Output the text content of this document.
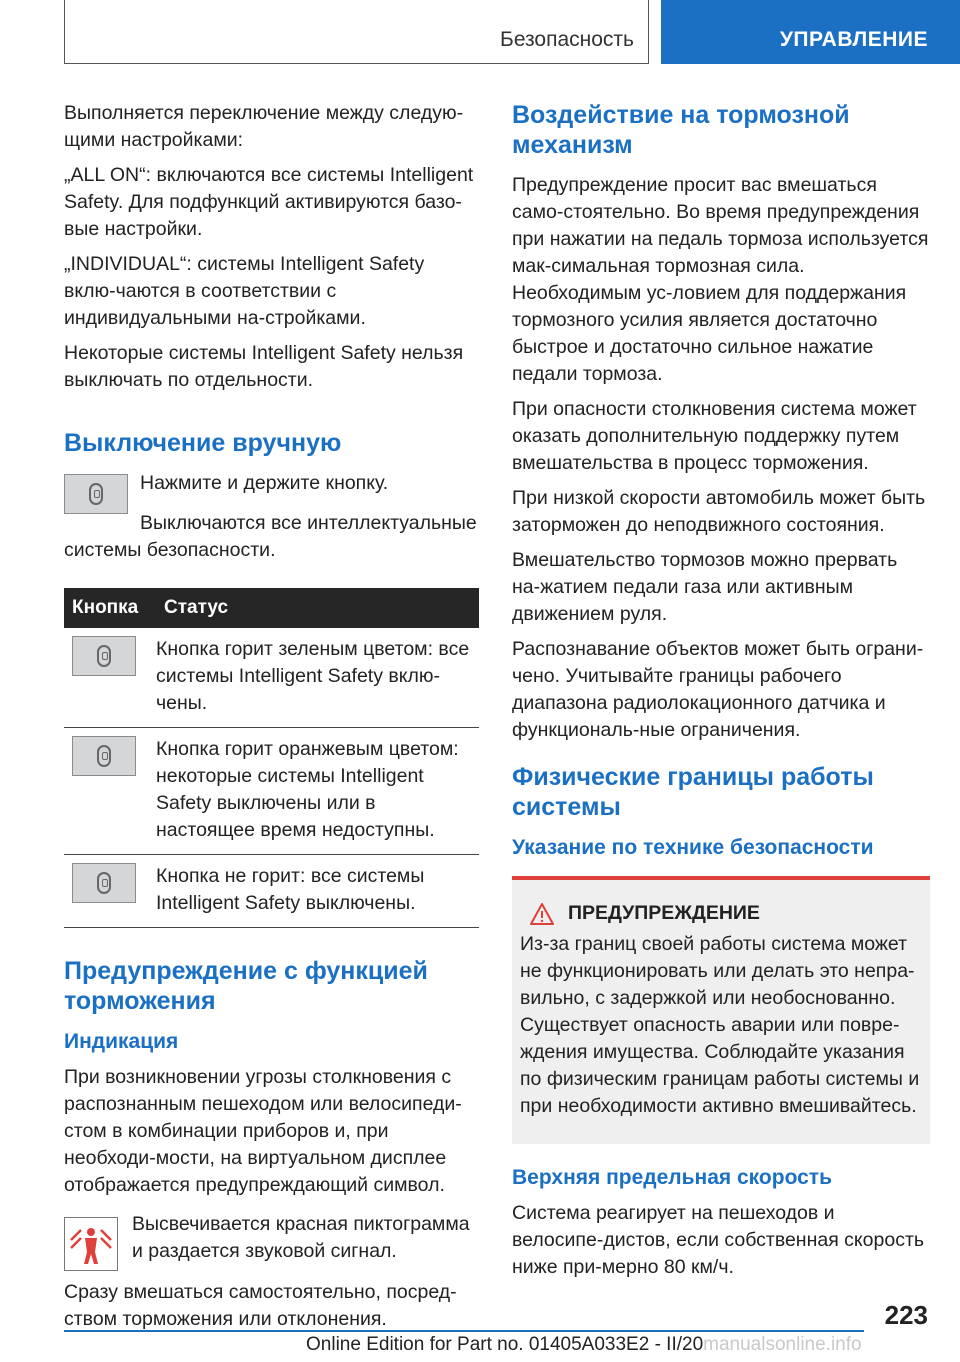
Безопасность	УПРАВЛЕНИЕ

Выполняется переключение между следую-щими настройками:

„ALL ON“: включаются все системы Intelligent Safety. Для подфункций активируются базо-вые настройки.

„INDIVIDUAL“: системы Intelligent Safety вклю-чаются в соответствии с индивидуальными на-стройками.

Некоторые системы Intelligent Safety нельзя выключать по отдельности.

Выключение вручную

Нажмите и держите кнопку.

Выключаются все интеллектуальные системы безопасности.

Кнопка	Статус

	Кнопка горит зеленым цветом: все системы Intelligent Safety вклю-чены.

	Кнопка горит оранжевым цветом: некоторые системы Intelligent Safety выключены или в настоящее время недоступны.

	Кнопка не горит: все системы Intelligent Safety выключены.
Предупреждение с функцией торможения
Индикация

При возникновении угрозы столкновения с распознанным пешеходом или велосипеди-стом в комбинации приборов и, при необходи-мости, на виртуальном дисплее отображается предупреждающий символ.

Высвечивается красная пиктограмма и раздается звуковой сигнал.

Сразу вмешаться самостоятельно, посред-ством торможения или отклонения.

Воздействие на тормозной механизм

Предупреждение просит вас вмешаться само-стоятельно. Во время предупреждения при нажатии на педаль тормоза используется мак-симальная тормозная сила. Необходимым ус-ловием для поддержания тормозного усилия является достаточно быстрое и достаточно сильное нажатие педали тормоза.

При опасности столкновения система может оказать дополнительную поддержку путем вмешательства в процесс торможения.

При низкой скорости автомобиль может быть заторможен до неподвижного состояния.

Вмешательство тормозов можно прервать на-жатием педали газа или активным движением руля.

Распознавание объектов может быть ограни-чено. Учитывайте границы рабочего диапазона радиолокационного датчика и функциональ-ные ограничения.

Физические границы работы системы
Указание по технике безопасности
ПРЕДУПРЕЖДЕНИЕ

Из-за границ своей работы система может не функционировать или делать это непра-вильно, с задержкой или необоснованно. Существует опасность аварии или повре-ждения имущества. Соблюдайте указания по физическим границам работы системы и при необходимости активно вмешивайтесь.

Верхняя предельная скорость

Система реагирует на пешеходов и велосипе-дистов, если собственная скорость ниже при-мерно 80 км/ч.

223
Online Edition for Part no. 01405A033E2 - II/20manualsonline.info
